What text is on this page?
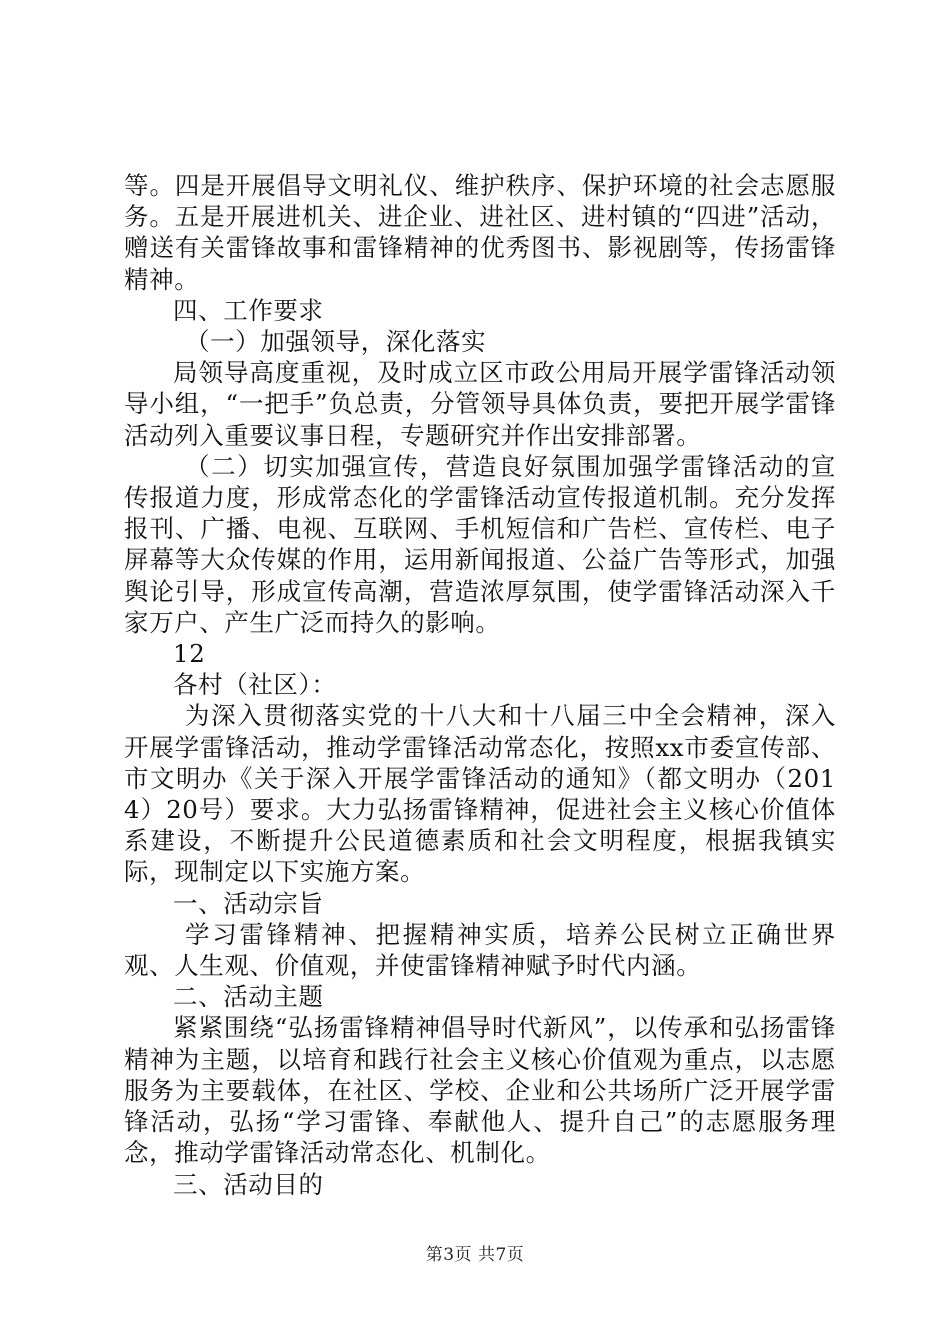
等。四是开展倡导文明礼仪、维护秩序、保护环境的社会志愿服务。五是开展进机关、进企业、进社区、进村镇的“四进”活动，赠送有关雷锋故事和雷锋精神的优秀图书、影视剧等，传扬雷锋精神。

四、工作要求

（一）加强领导，深化落实

局领导高度重视，及时成立区市政公用局开展学雷锋活动领导小组，“一把手”负总责，分管领导具体负责，要把开展学雷锋活动列入重要议事日程，专题研究并作出安排部署。

（二）切实加强宣传，营造良好氛围加强学雷锋活动的宣传报道力度，形成常态化的学雷锋活动宣传报道机制。充分发挥报刊、广播、电视、互联网、手机短信和广告栏、宣传栏、电子屏幕等大众传媒的作用，运用新闻报道、公益广告等形式，加强舆论引导，形成宣传高潮，营造浓厚氛围，使学雷锋活动深入千家万户、产生广泛而持久的影响。

12

各村（社区）：

为深入贯彻落实党的十八大和十八届三中全会精神，深入开展学雷锋活动，推动学雷锋活动常态化，按照xx市委宣传部、市文明办《关于深入开展学雷锋活动的通知》（都文明办（2014）20号）要求。大力弘扬雷锋精神，促进社会主义核心价值体系建设，不断提升公民道德素质和社会文明程度，根据我镇实际，现制定以下实施方案。

一、活动宗旨

学习雷锋精神、把握精神实质，培养公民树立正确世界观、人生观、价值观，并使雷锋精神赋予时代内涵。

二、活动主题

紧紧围绕“弘扬雷锋精神倡导时代新风”，以传承和弘扬雷锋精神为主题，以培育和践行社会主义核心价值观为重点，以志愿服务为主要载体，在社区、学校、企业和公共场所广泛开展学雷锋活动，弘扬“学习雷锋、奉献他人、提升自己”的志愿服务理念，推动学雷锋活动常态化、机制化。

三、活动目的

第3页 共7页
